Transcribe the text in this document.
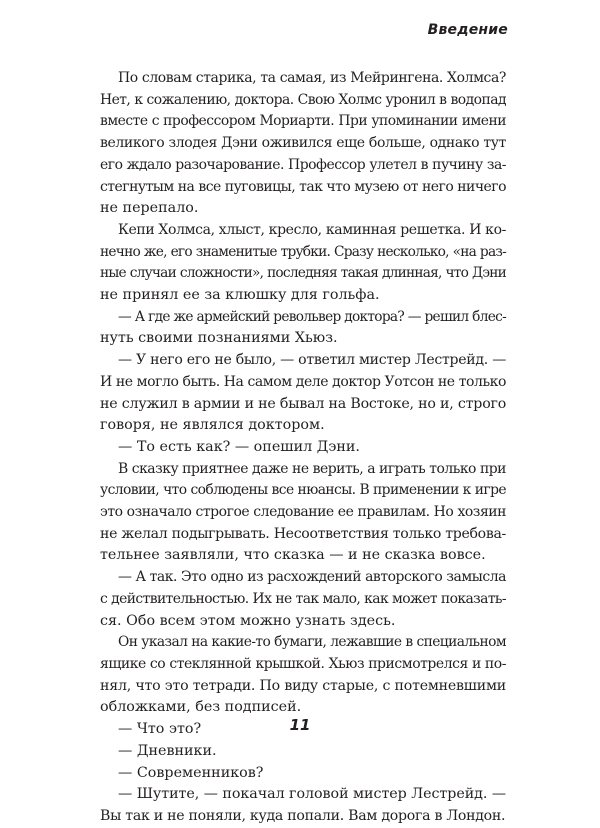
Введение

По словам старика, та самая, из Мейрингена. Холмса?
Нет, к сожалению, доктора. Свою Холмс уронил в водопад
вместе с профессором Мориарти. При упоминании имени
великого злодея Дэни оживился еще больше, однако тут
его ждало разочарование. Профессор улетел в пучину за-
стегнутым на все пуговицы, так что музею от него ничего
не перепало.

Кепи Холмса, хлыст, кресло, каминная решетка. И ко-
нечно же, его знаменитые трубки. Сразу несколько, «на раз-
ные случаи сложности», последняя такая длинная, что Дэни
не принял ее за клюшку для гольфа.

— А где же армейский револьвер доктора? — решил блес-
нуть своими познаниями Хьюз.

— У него его не было, — ответил мистер Лестрейд. —
И не могло быть. На самом деле доктор Уотсон не только
не служил в армии и не бывал на Востоке, но и, строго
говоря, не являлся доктором.

— То есть как? — опешил Дэни.

В сказку приятнее даже не верить, а играть только при
условии, что соблюдены все нюансы. В применении к игре
это означало строгое следование ее правилам. Но хозяин
не желал подыгрывать. Несоответствия только требова-
тельнее заявляли, что сказка — и не сказка вовсе.

— А так. Это одно из расхождений авторского замысла
с действительностью. Их не так мало, как может показать-
ся. Обо всем этом можно узнать здесь.

Он указал на какие-то бумаги, лежавшие в специальном
ящике со стеклянной крышкой. Хьюз присмотрелся и по-
нял, что это тетради. По виду старые, с потемневшими
обложками, без подписей.

— Что это?

— Дневники.

— Современников?

— Шутите, — покачал головой мистер Лестрейд. —
Вы так и не поняли, куда попали. Вам дорога в Лондон.

11
